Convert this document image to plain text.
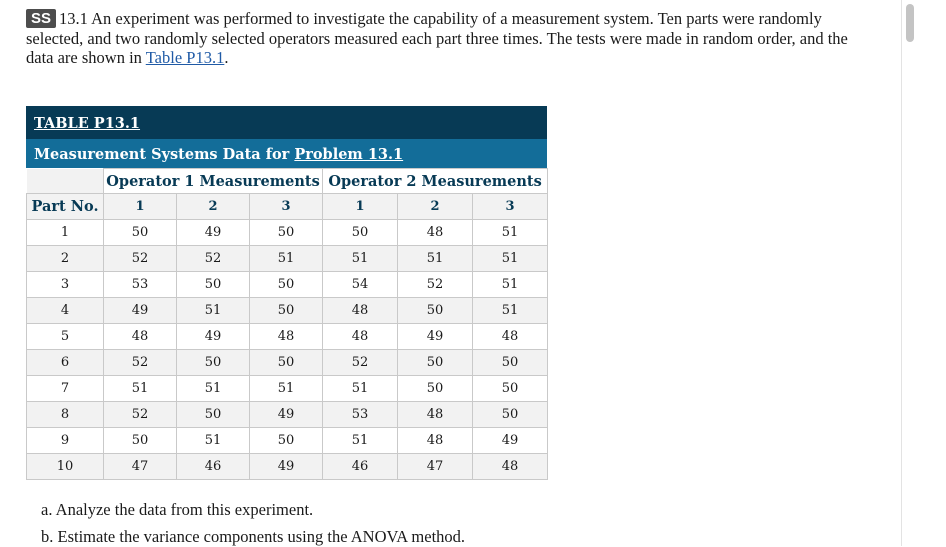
SS 13.1 An experiment was performed to investigate the capability of a measurement system. Ten parts were randomly selected, and two randomly selected operators measured each part three times. The tests were made in random order, and the data are shown in Table P13.1.
TABLE P13.1
Measurement Systems Data for Problem 13.1
	Operator 1 Measurements			Operator 2 Measurements		
Part No.	1	2	3	1	2	3
1	50	49	50	50	48	51
2	52	52	51	51	51	51
3	53	50	50	54	52	51
4	49	51	50	48	50	51
5	48	49	48	48	49	48
6	52	50	50	52	50	50
7	51	51	51	51	50	50
8	52	50	49	53	48	50
9	50	51	50	51	48	49
10	47	46	49	46	47	48
a. Analyze the data from this experiment.
b. Estimate the variance components using the ANOVA method.
